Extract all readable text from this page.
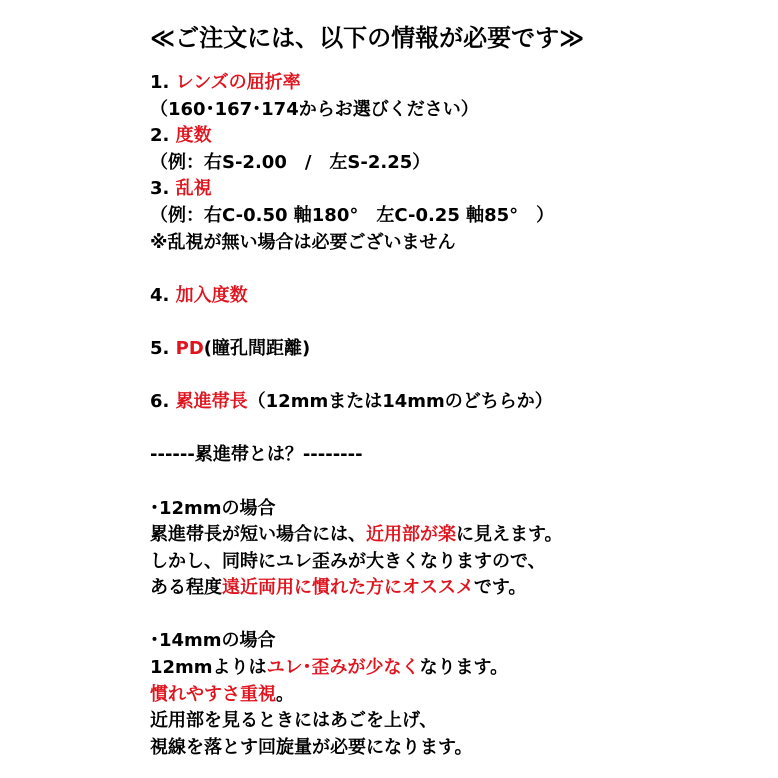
≪ご注文には、以下の情報が必要です≫
1. レンズの屈折率
（160･167･174からお選びください）
2. 度数
（例：右S-2.00　/　左S-2.25）
3. 乱視
（例：右C-0.50 軸180°　左C-0.25 軸85°　）
※乱視が無い場合は必要ございません
4. 加入度数
5. PD(瞳孔間距離)
6. 累進帯長（12mmまたは14mmのどちらか）
------累進帯とは？--------
･12mmの場合
累進帯長が短い場合には、近用部が楽に見えます。
しかし、同時にユレ歪みが大きくなりますので、
ある程度遠近両用に慣れた方にオススメです。
･14mmの場合
12mmよりはユレ･歪みが少なくなります。
慣れやすさ重視。
近用部を見るときにはあごを上げ、
視線を落とす回旋量が必要になります。
